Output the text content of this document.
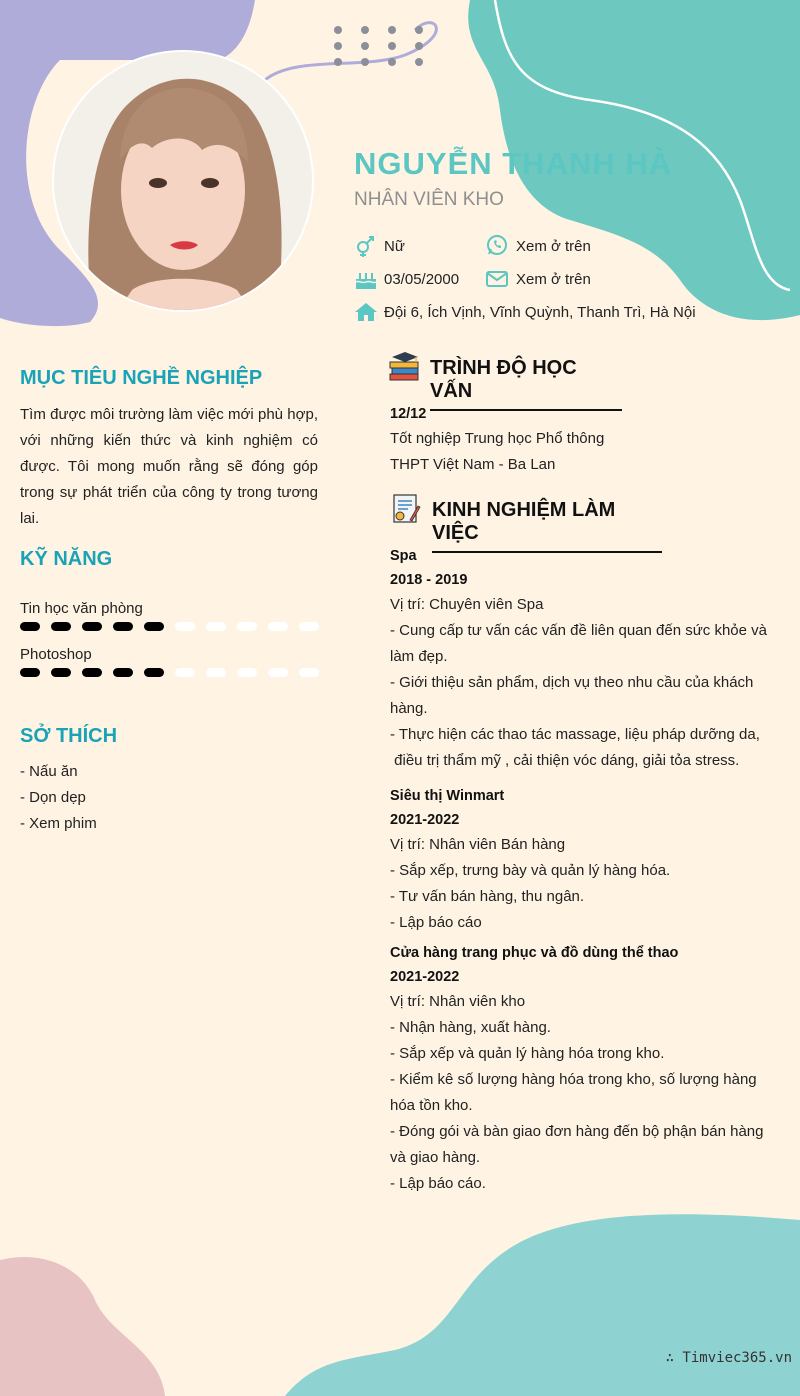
NGUYỄN THANH HÀ
NHÂN VIÊN KHO
Nữ	Xem ở trên
03/05/2000	Xem ở trên
Đội 6, Ích Vịnh, Vĩnh Quỳnh, Thanh Trì, Hà Nội
MỤC TIÊU NGHỀ NGHIỆP
Tìm được môi trường làm việc mới phù hợp, với những kiến thức và kinh nghiệm có được. Tôi mong muốn rằng sẽ đóng góp trong sự phát triển của công ty trong tương lai.
KỸ NĂNG
Tin học văn phòng
Photoshop
SỞ THÍCH
- Nấu ăn
- Dọn dẹp
- Xem phim
TRÌNH ĐỘ HỌC VẤN
12/12
Tốt nghiệp Trung học Phổ thông
THPT Việt Nam - Ba Lan
KINH NGHIỆM LÀM VIỆC
Spa
2018 - 2019
Vị trí: Chuyên viên Spa
- Cung cấp tư vấn các vấn đề liên quan đến sức khỏe và
làm đẹp.
- Giới thiệu sản phẩm, dịch vụ theo nhu cầu của khách
hàng.
- Thực hiện các thao tác massage, liệu pháp dưỡng da,
điều trị thẩm mỹ , cải thiện vóc dáng, giải tỏa stress.
Siêu thị Winmart
2021-2022
Vị trí: Nhân viên Bán hàng
- Sắp xếp, trưng bày và quản lý hàng hóa.
- Tư vấn bán hàng, thu ngân.
- Lập báo cáo
Cửa hàng trang phục và đồ dùng thể thao
2021-2022
Vị trí: Nhân viên kho
- Nhận hàng, xuất hàng.
- Sắp xếp và quản lý hàng hóa trong kho.
- Kiểm kê số lượng hàng hóa trong kho, số lượng hàng
hóa tồn kho.
- Đóng gói và bàn giao đơn hàng đến bộ phận bán hàng
và giao hàng.
- Lập báo cáo.
∴ Timviec365.vn
